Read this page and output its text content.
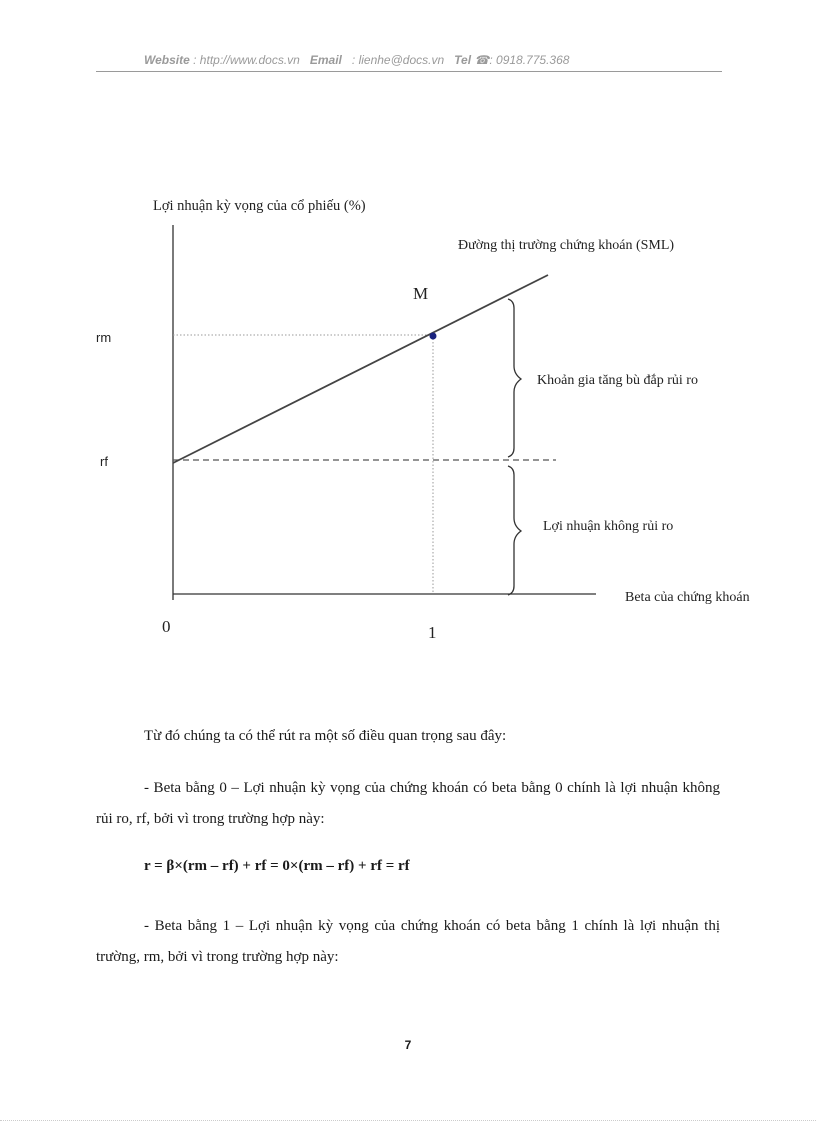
Website : http://www.docs.vn Email : lienhe@docs.vn Tel ☎: 0918.775.368
Lợi nhuận kỳ vọng của cổ phiếu (%)
Đường thị trường chứng khoán (SML)
M
rm
rf
Khoản gia tăng bù đắp rủi ro
Lợi nhuận không rủi ro
Beta của chứng khoán
0	1
Từ đó chúng ta có thể rút ra một số điều quan trọng sau đây:
- Beta bằng 0 – Lợi nhuận kỳ vọng của chứng khoán có beta bằng 0 chính là lợi nhuận không rủi ro, rf, bởi vì trong trường hợp này:
r = β×(rm – rf) + rf = 0×(rm – rf) + rf = rf
- Beta bằng 1 – Lợi nhuận kỳ vọng của chứng khoán có beta bằng 1 chính là lợi nhuận thị trường, rm, bởi vì trong trường hợp này:
7
